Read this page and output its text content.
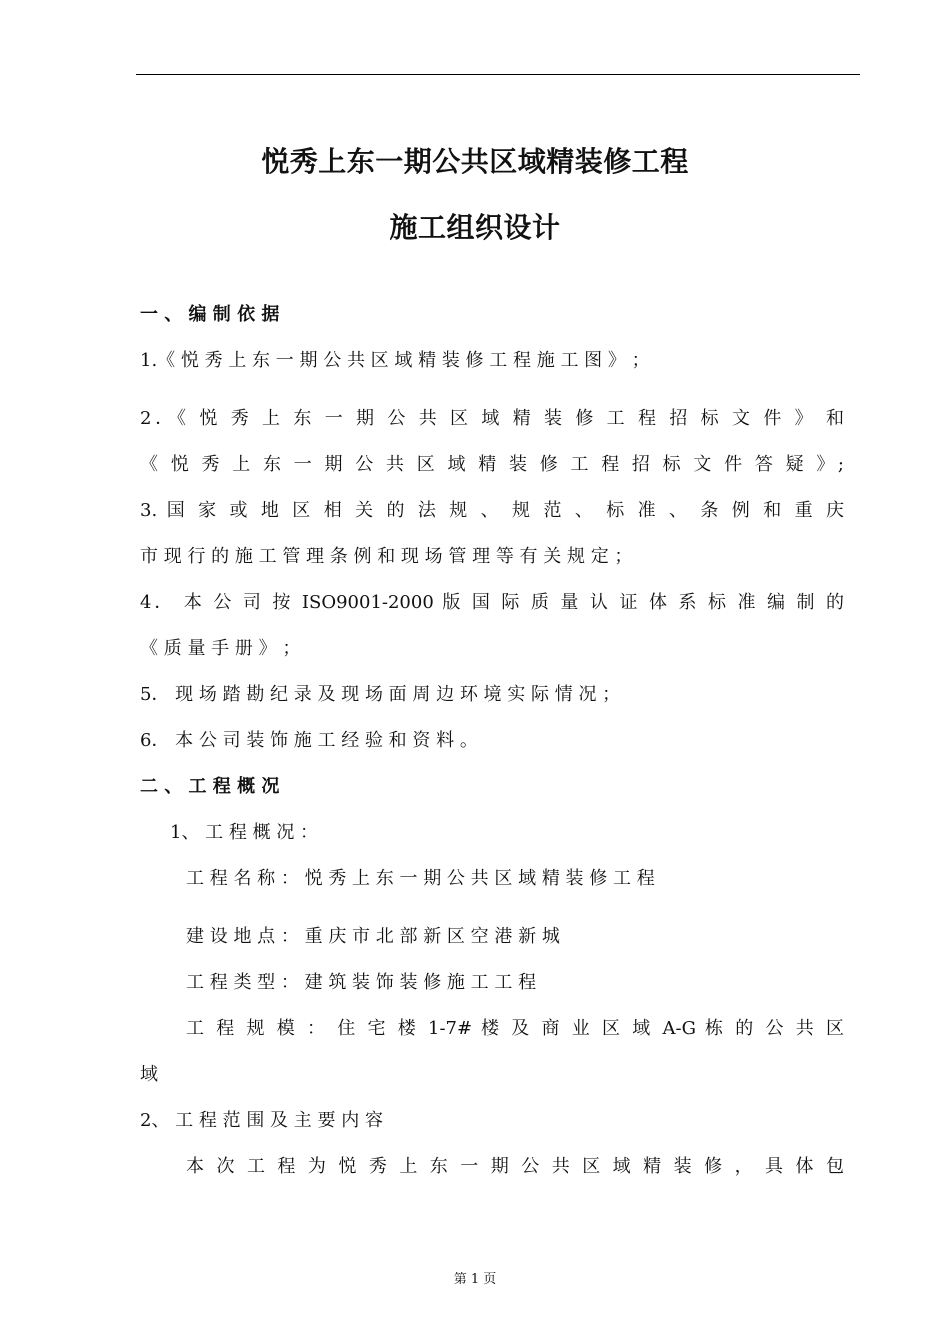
悦秀上东一期公共区域精装修工程
施工组织设计
一 、 编 制 依 据
1.《 悦 秀 上 东 一 期 公 共 区 域 精 装 修 工 程 施 工 图 》 ；
2．《 悦 秀 上 东 一 期 公 共 区 域 精 装 修 工 程 招 标 文 件 》 和
《 悦 秀 上 东 一 期 公 共 区 域 精 装 修 工 程 招 标 文 件 答 疑 》;
3. 国 家 或 地 区 相 关 的 法 规 、 规 范 、 标 准 、 条 例 和 重 庆
市 现 行 的 施 工 管 理 条 例 和 现 场 管 理 等 有 关 规 定 ；
4． 本 公 司 按 ISO9001-2000 版 国 际 质 量 认 证 体 系 标 准 编 制 的
《 质 量 手 册 》 ；
5． 现 场 踏 勘 纪 录 及 现 场 面 周 边 环 境 实 际 情 况 ；
6． 本 公 司 装 饰 施 工 经 验 和 资 料 。
二 、 工 程 概 况
1、 工 程 概 况 ：
工 程 名 称 ： 悦 秀 上 东 一 期 公 共 区 域 精 装 修 工 程
建 设 地 点 ： 重 庆 市 北 部 新 区 空 港 新 城
工 程 类 型 ： 建 筑 装 饰 装 修 施 工 工 程
工 程 规 模 ： 住 宅 楼 1-7# 楼 及 商 业 区 域 A-G 栋 的 公 共 区
域
2、 工 程 范 围 及 主 要 内 容
本 次 工 程 为 悦 秀 上 东 一 期 公 共 区 域 精 装 修 ， 具 体 包
第 1 页
